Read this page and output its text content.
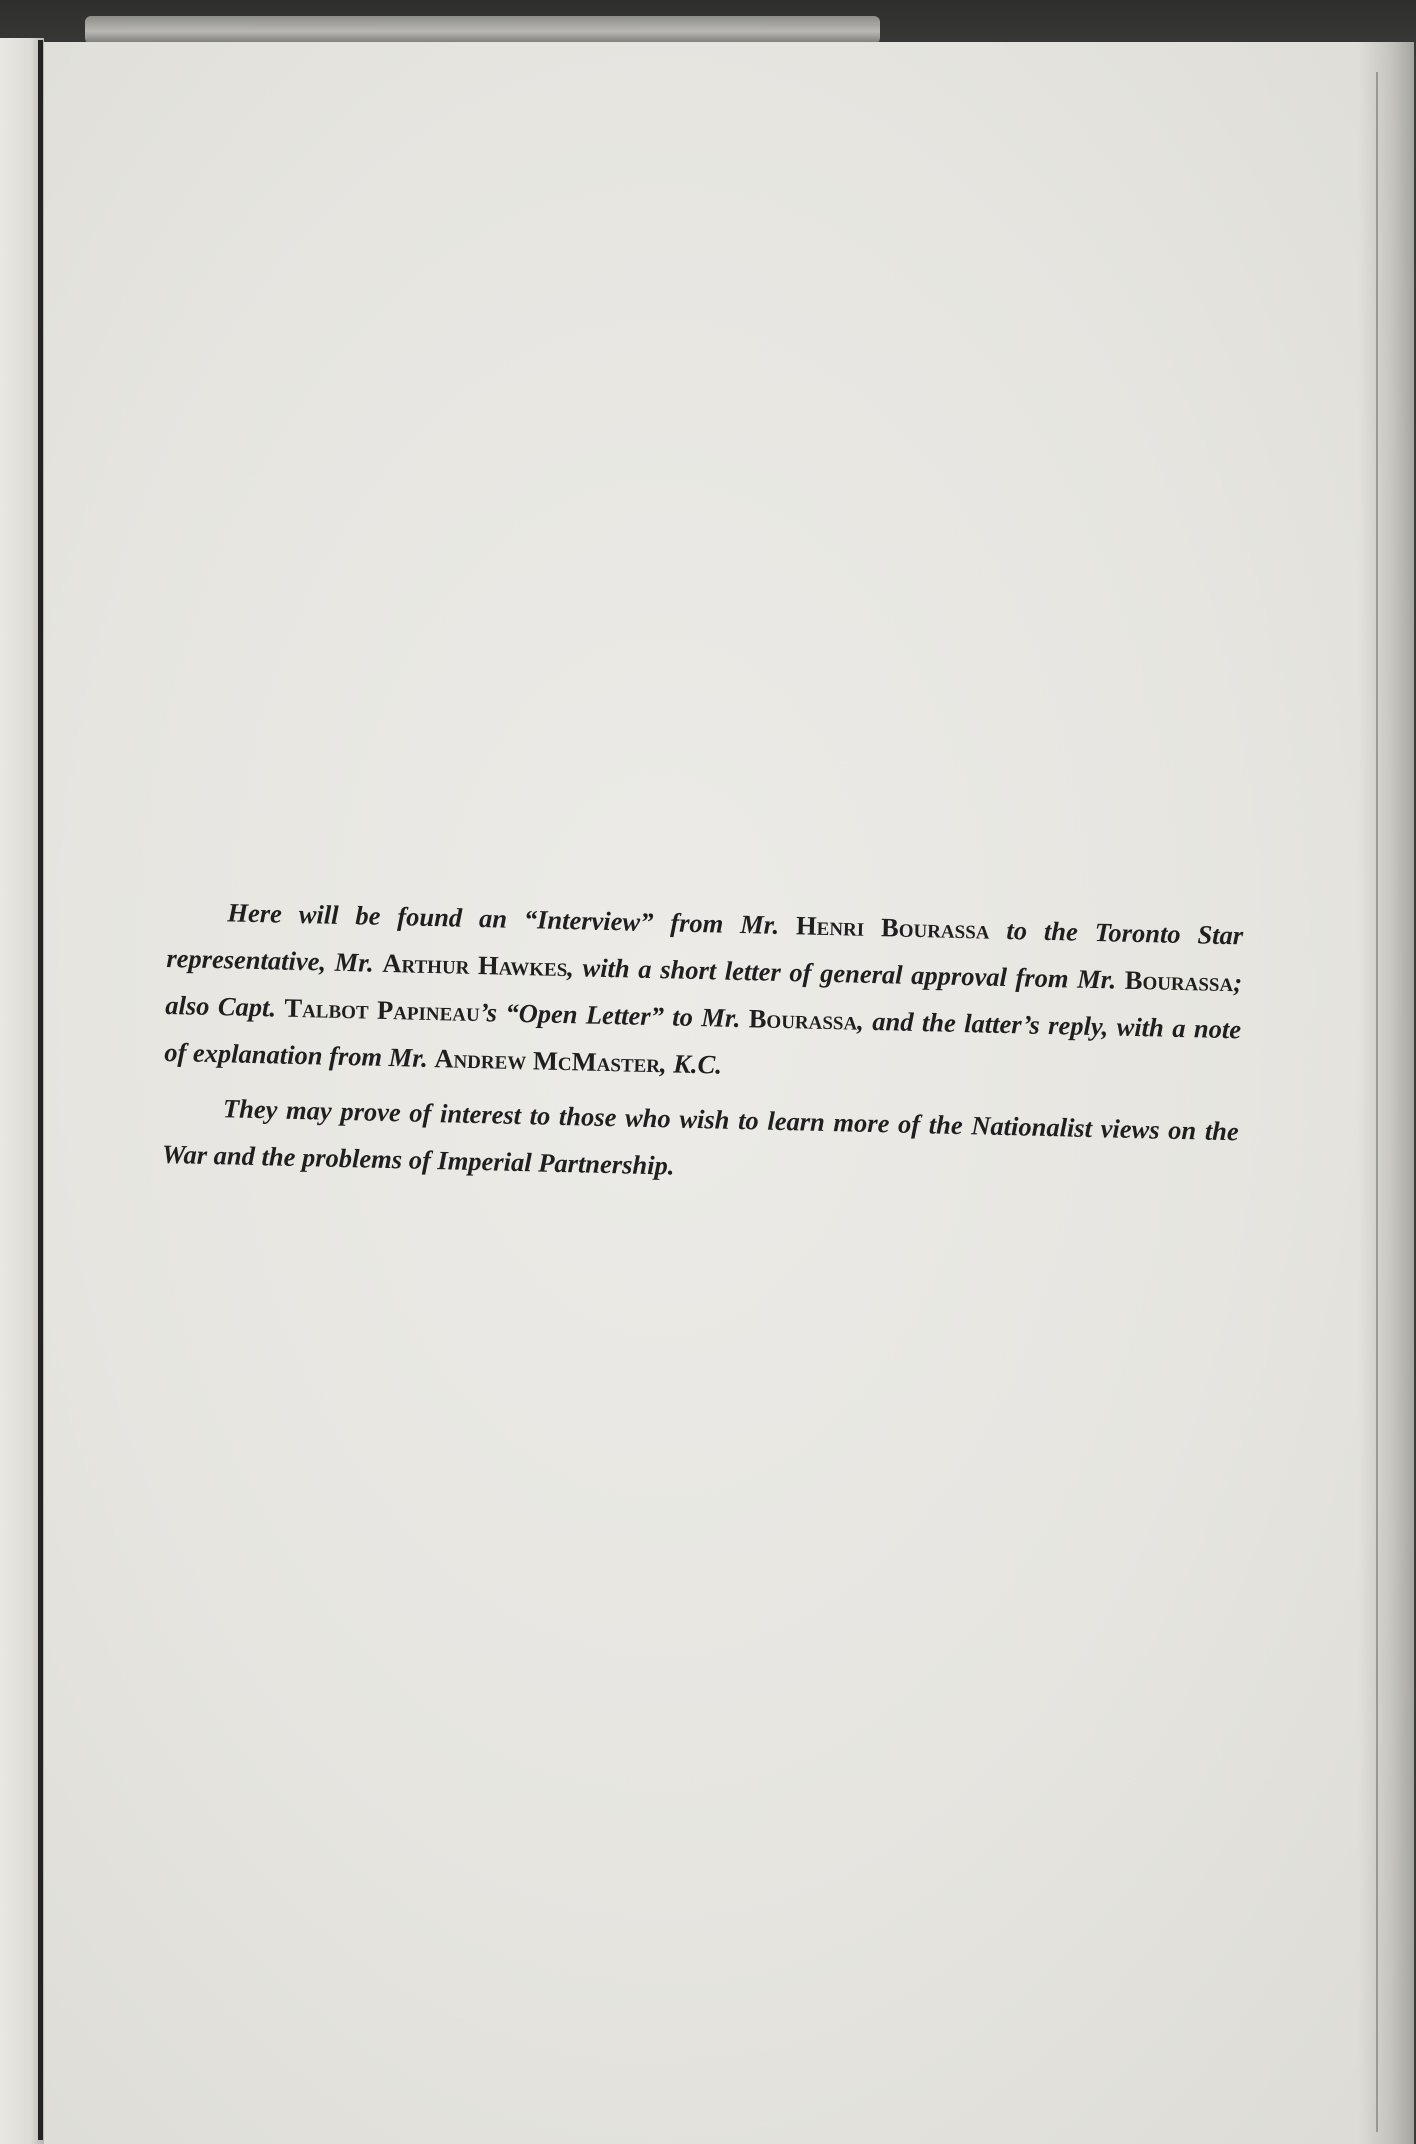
Here will be found an “Interview” from Mr. Henri Bourassa to the Toronto Star representative, Mr. Arthur Hawkes, with a short letter of general approval from Mr. Bourassa; also Capt. Talbot Papineau’s “Open Letter” to Mr. Bourassa, and the latter’s reply, with a note of explanation from Mr. Andrew McMaster, K.C.

They may prove of interest to those who wish to learn more of the Nationalist views on the War and the problems of Imperial Partnership.
